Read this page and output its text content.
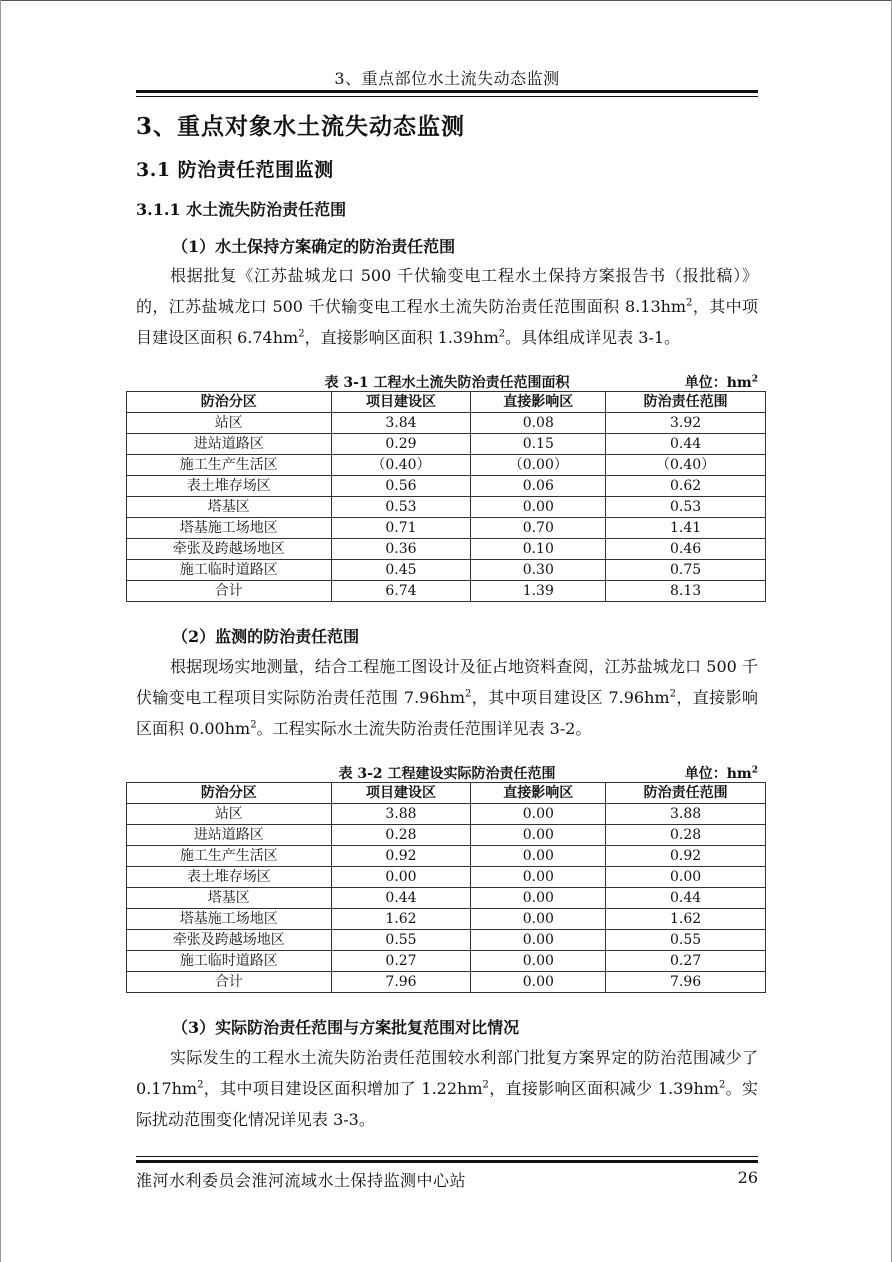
3、重点部位水土流失动态监测
3、重点对象水土流失动态监测
3.1 防治责任范围监测
3.1.1 水土流失防治责任范围
（1）水土保持方案确定的防治责任范围

根据批复《江苏盐城龙口 500 千伏输变电工程水土保持方案报告书（报批稿）》的，江苏盐城龙口 500 千伏输变电工程水土流失防治责任范围面积 $8.13hm^2$，其中项目建设区面积 $6.74hm^2$，直接影响区面积 $1.39hm^2$。具体组成详见表 3-1。

表 3-1 工程水土流失防治责任范围面积	单位：$hm^2$
防治分区	项目建设区	直接影响区	防治责任范围
站区	3.84	0.08	3.92
进站道路区	0.29	0.15	0.44
施工生产生活区	（0.40）	（0.00）	（0.40）
表土堆存场区	0.56	0.06	0.62
塔基区	0.53	0.00	0.53
塔基施工场地区	0.71	0.70	1.41
牵张及跨越场地区	0.36	0.10	0.46
施工临时道路区	0.45	0.30	0.75
合计	6.74	1.39	8.13
（2）监测的防治责任范围

根据现场实地测量，结合工程施工图设计及征占地资料查阅，江苏盐城龙口 500 千伏输变电工程项目实际防治责任范围 $7.96hm^2$，其中项目建设区 $7.96hm^2$，直接影响区面积 $0.00hm^2$。工程实际水土流失防治责任范围详见表 3-2。

表 3-2 工程建设实际防治责任范围	单位：$hm^2$
防治分区	项目建设区	直接影响区	防治责任范围
站区	3.88	0.00	3.88
进站道路区	0.28	0.00	0.28
施工生产生活区	0.92	0.00	0.92
表土堆存场区	0.00	0.00	0.00
塔基区	0.44	0.00	0.44
塔基施工场地区	1.62	0.00	1.62
牵张及跨越场地区	0.55	0.00	0.55
施工临时道路区	0.27	0.00	0.27
合计	7.96	0.00	7.96
（3）实际防治责任范围与方案批复范围对比情况

实际发生的工程水土流失防治责任范围较水利部门批复方案界定的防治范围减少了 $0.17hm^2$，其中项目建设区面积增加了 $1.22hm^2$，直接影响区面积减少 $1.39hm^2$。实际扰动范围变化情况详见表 3-3。

淮河水利委员会淮河流域水土保持监测中心站	26
